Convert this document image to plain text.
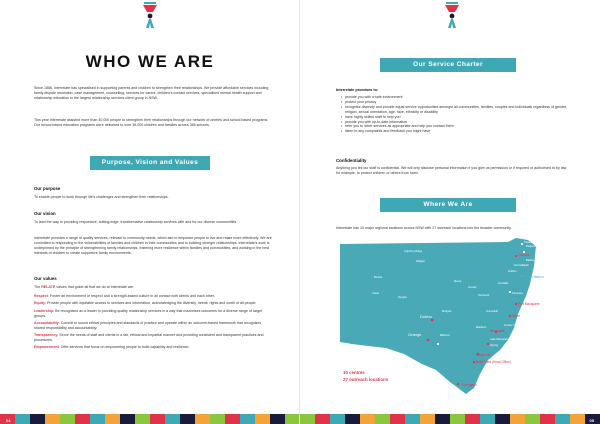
WHO WE ARE
Since 1886, Interrelate has specialised in supporting parents and children to strengthen their relationships. We provide affordable services including family dispute resolution, case management, counselling, services for carers, children’s contact services, specialised mental health support and relationship education to the largest relationship services client group in NSW.
This year Interrelate assisted more than 40,000 people to strengthen their relationships through our network of centres and school based programs. Our school based education programs were delivered to over 36,000 children and families across 366 schools.
Purpose, Vision and Values
Our purpose
To enable people to work through life’s challenges and strengthen their relationships.
Our vision
To lead the way in providing responsive, cutting-edge, transformative relationship services with and for our diverse communities.
Interrelate provides a range of quality services, relevant to community needs, which aim to empower people to live and relate more effectively. We are committed to responding to the vulnerabilities of families and children in their communities and to building stronger relationships. Interrelate’s work is underpinned by the principle of strengthening family relationships, fostering more resilience within families and communities, and working in the best interests of children to create supportive family environments.
Our values
The RELATE values that guide all that we do at Interrelate are:
Respect: Foster an environment of respect and a strength-based culture in all contact with clients and each other.
Equity: Provide people with equitable access to services and information, acknowledging the diversity, needs, rights and worth of all people.
Leadership: Be recognised as a leader in providing quality relationship services in a way that maximises outcomes for a diverse range of target groups.
Accountability: Commit to sound ethical principles and standards of practice and operate within an outcome-based framework that recognises shared responsibility and accountability.
Transparency: Serve the needs of staff and clients in a fair, ethical and impartial manner and providing consistent and transparent practices and procedures.
Empowerment: Offer services that focus on empowering people to build capability and resilience.
04
Our Service Charter
Interrelate promises to:
• provide you with a safe environment
• protect your privacy
• recognise diversity and provide equal service opportunities amongst all communities, families, couples and individuals regardless of gender, religion, sexual orientation, age, race, ethnicity or disability
• have highly skilled staff to help you
• provide you with up-to-date information
• refer you to other services as appropriate and help you contact them
• listen to any complaints and feedback you might have
Confidentiality
Anything you tell our staff is confidential. We will only disclose personal information if you give us permission or if required or authorised to by law, for example, to protect children or others from harm.
Where We Are
Interrelate has 10 major regional locations across NSW with 27 outreach locations into the broader community.
10 centres
27 outreach locations
05
Tweed Heads
Kingscliff
Lismore
Ballina
Goonellabah
Grafton
Coffs Harbour
Armidale
Kempsey
Port Macquarie
Taree
Forster-Tuncurry
Gunnedah
Tamworth
Moree
Inverell
Lightning Ridge
Walgett
Bourke
Cobar
Nyngan
Dubbo
Mudgee
Orange	Bathurst
Newcastle
Maitland
Lake Macquarie
Wyong
Rouse Hill
Bella Vista (Head Office)
Caringbah
